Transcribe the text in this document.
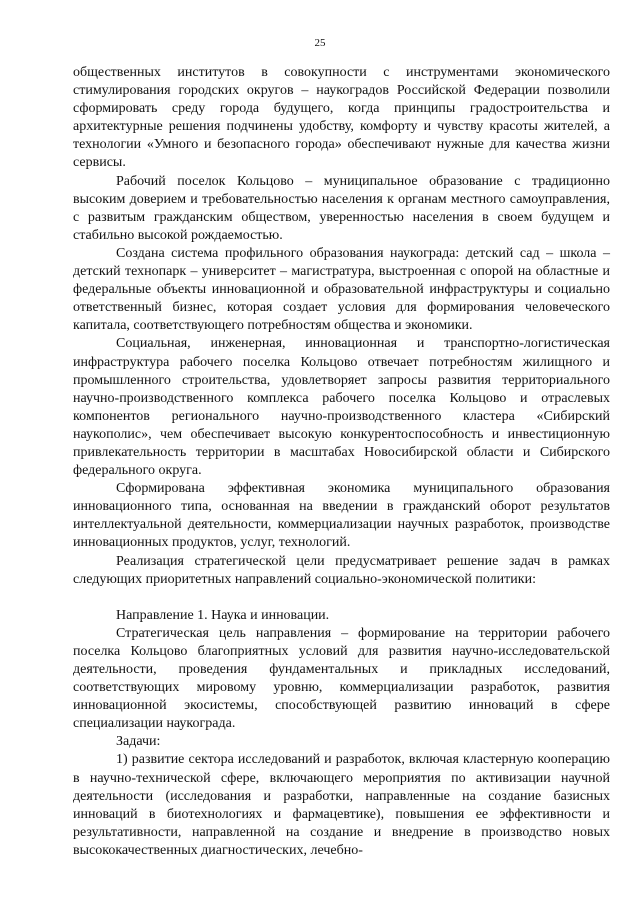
25

общественных институтов в совокупности с инструментами экономического стимулирования городских округов – наукоградов Российской Федерации позволили сформировать среду города будущего, когда принципы градостроительства и архитектурные решения подчинены удобству, комфорту и чувству красоты жителей, а технологии «Умного и безопасного города» обеспечивают нужные для качества жизни сервисы.

Рабочий поселок Кольцово – муниципальное образование с традиционно высоким доверием и требовательностью населения к органам местного самоуправления, с развитым гражданским обществом, уверенностью населения в своем будущем и стабильно высокой рождаемостью.

Создана система профильного образования наукограда: детский сад – школа – детский технопарк – университет – магистратура, выстроенная с опорой на областные и федеральные объекты инновационной и образовательной инфраструктуры и социально ответственный бизнес, которая создает условия для формирования человеческого капитала, соответствующего потребностям общества и экономики.

Социальная, инженерная, инновационная и транспортно-логистическая инфраструктура рабочего поселка Кольцово отвечает потребностям жилищного и промышленного строительства, удовлетворяет запросы развития территориального научно-производственного комплекса рабочего поселка Кольцово и отраслевых компонентов регионального научно-производственного кластера «Сибирский наукополис», чем обеспечивает высокую конкурентоспособность и инвестиционную привлекательность территории в масштабах Новосибирской области и Сибирского федерального округа.

Сформирована эффективная экономика муниципального образования инновационного типа, основанная на введении в гражданский оборот результатов интеллектуальной деятельности, коммерциализации научных разработок, производстве инновационных продуктов, услуг, технологий.

Реализация стратегической цели предусматривает решение задач в рамках следующих приоритетных направлений социально-экономической политики:

Направление 1. Наука и инновации.

Стратегическая цель направления – формирование на территории рабочего поселка Кольцово благоприятных условий для развития научно-исследовательской деятельности, проведения фундаментальных и прикладных исследований, соответствующих мировому уровню, коммерциализации разработок, развития инновационной экосистемы, способствующей развитию инноваций в сфере специализации наукограда.

Задачи:

1) развитие сектора исследований и разработок, включая кластерную кооперацию в научно-технической сфере, включающего мероприятия по активизации научной деятельности (исследования и разработки, направленные на создание базисных инноваций в биотехнологиях и фармацевтике), повышения ее эффективности и результативности, направленной на создание и внедрение в производство новых высококачественных диагностических, лечебно-
